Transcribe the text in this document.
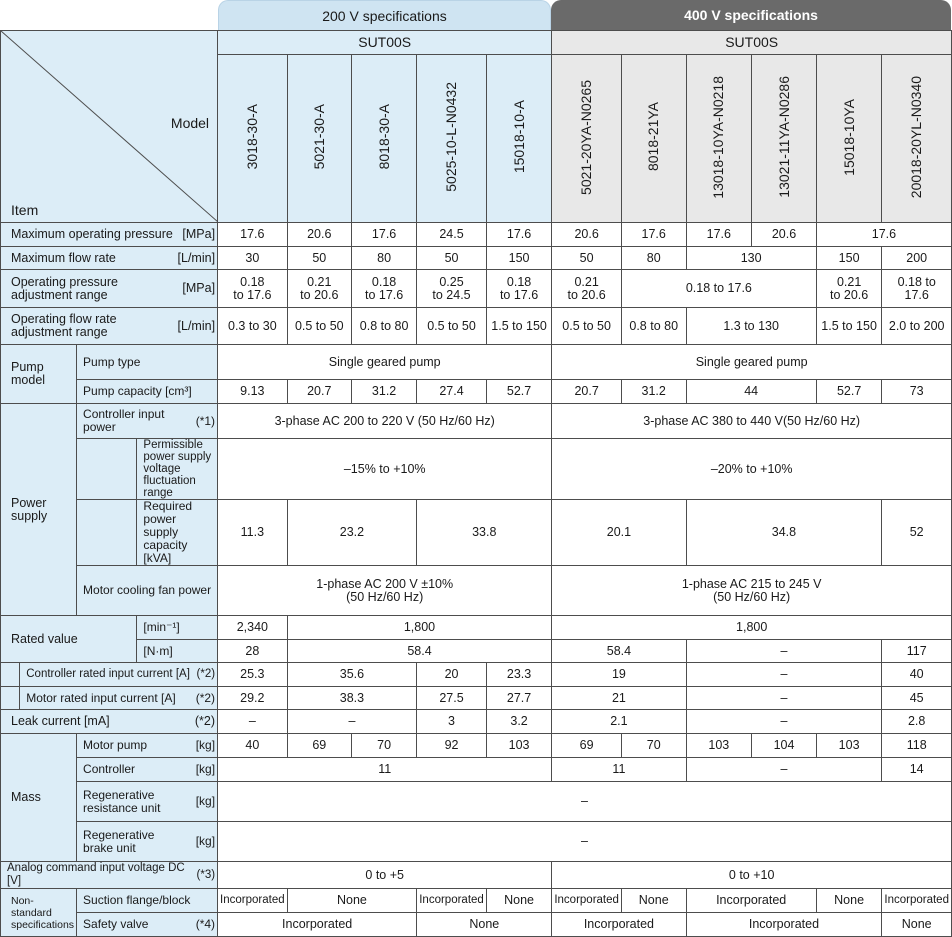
200 V specifications	400 V specifications
Model
Item				SUT00S					SUT00S					
				3018-30-A	5021-30-A	8018-30-A	5025-10-L-N0432	15018-10-A	5021-20YA-N0265	8018-21YA	13018-10YA-N0218	13021-11YA-N0286	15018-10YA	20018-20YL-N0340

Maximum operating pressure [MPa]				17.6	20.6	17.6	24.5	17.6	20.6	17.6	17.6	20.6	17.6	

Maximum flow rate [L/min]				30	50	80	50	150	50	80	130		150	200

Operating pressure
adjustment range [MPa]				0.18
to 17.6	0.21
to 20.6	0.18
to 17.6	0.25
to 24.5	0.18
to 17.6	0.21
to 20.6	0.18 to 17.6			0.21
to 20.6	0.18 to 17.6

Operating flow rate
adjustment range [L/min]				0.3 to 30	0.5 to 50	0.8 to 80	0.5 to 50	1.5 to 150	0.5 to 50	0.8 to 80	1.3 to 130		1.5 to 150	2.0 to 200
Pump
model		Pump type		Single geared pump					Single geared pump					
		Pump capacity [cm³]		9.13	20.7	31.2	27.4	52.7	20.7	31.2	44		52.7	73
Power
supply		Controller input power (*1)		3-phase AC 200 to 220 V (50 Hz/60 Hz)					3-phase AC 380 to 440 V(50 Hz/60 Hz)					
			Permissible power supply
voltage fluctuation range	–15% to +10%					–20% to +10%					
			Required power
supply capacity [kVA]	11.3	23.2		33.8		20.1		34.8			52
		Motor cooling fan power		1-phase AC 200 V ±10%
(50 Hz/60 Hz)					1-phase AC 215 to 245 V
(50 Hz/60 Hz)					
Rated value			[min⁻¹]	2,340	1,800				1,800					
			[N·m]	28	58.4				58.4		–			117

	Controller rated input current [A] (*2)			25.3	35.6		20	23.3	19		–			40

	Motor rated input current [A] (*2)			29.2	38.3		27.5	27.7	21		–			45

Leak current [mA] (*2)				–	–		3	3.2	2.1		–			2.8
Mass		Motor pump [kg]		40	69	70	92	103	69	70	103	104	103	118

		Controller [kg]		11					11		–			14

		Regenerative
resistance unit [kg]		–										

		Regenerative
brake unit [kg]		–										

Analog command input voltage DC [V]
(*3)				0 to +5					0 to +10					
Non-standard
specifications		Suction flange/block		Incorporated	None		Incorporated	None	Incorporated	None	Incorporated		None	Incorporated

		Safety valve (*4)		Incorporated			None		Incorporated		Incorporated			None
